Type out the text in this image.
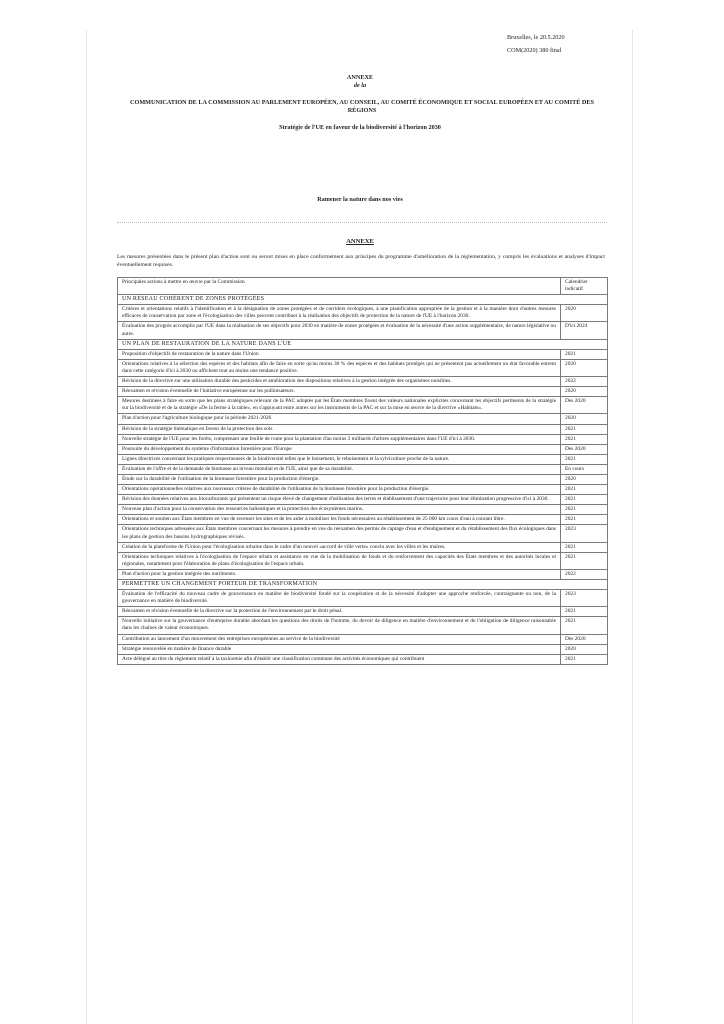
Bruxelles, le 20.5.2020
COM(2020) 380 final
ANNEXE
de la
COMMUNICATION DE LA COMMISSION AU PARLEMENT EUROPÉEN, AU CONSEIL, AU COMITÉ ÉCONOMIQUE ET SOCIAL EUROPÉEN ET AU COMITÉ DES RÉGIONS
Stratégie de l'UE en faveur de la biodiversité à l'horizon 2030
Ramener la nature dans nos vies
ANNEXE
Les mesures présentées dans le présent plan d'action sont ou seront mises en place conformément aux principes du programme d'amélioration de la réglementation, y compris les évaluations et analyses d'impact éventuellement requises.
Principales actions à mettre en œuvre par la Commission	Calendrier indicatif
UN RÉSEAU COHÉRENT DE ZONES PROTÉGÉES	
Critères et orientations relatifs à l'identification et à la désignation de zones protégées et de corridors écologiques, à une planification appropriée de la gestion et à la manière dont d'autres mesures efficaces de conservation par zone et l'écologisation des villes peuvent contribuer à la réalisation des objectifs de protection de la nature de l'UE à l'horizon 2030.	2020
Évaluation des progrès accomplis par l'UE dans la réalisation de ses objectifs pour 2030 en matière de zones protégées et évaluation de la nécessité d'une action supplémentaire, de nature législative ou autre.	D'ici 2024
UN PLAN DE RESTAURATION DE LA NATURE DANS L'UE	
Proposition d'objectifs de restauration de la nature dans l'Union	2021
Orientations relatives à la sélection des espèces et des habitats afin de faire en sorte qu'au moins 30 % des espèces et des habitats protégés qui ne présentent pas actuellement un état favorable entrent dans cette catégorie d'ici à 2030 ou affichent tout au moins une tendance positive.	2020
Révision de la directive sur une utilisation durable des pesticides et amélioration des dispositions relatives à la gestion intégrée des organismes nuisibles.	2022
Réexamen et révision éventuelle de l'initiative européenne sur les pollinisateurs.	2020
Mesures destinées à faire en sorte que les plans stratégiques relevant de la PAC adoptés par les États membres fixent des valeurs nationales explicites concernant les objectifs pertinents de la stratégie sur la biodiversité et de la stratégie «De la ferme à la table», en s'appuyant entre autres sur les instruments de la PAC et sur la mise en œuvre de la directive «Habitats».	Dès 2020
Plan d'action pour l'agriculture biologique pour la période 2021-2026	2020
Révision de la stratégie thématique en faveur de la protection des sols	2021
Nouvelle stratégie de l'UE pour les forêts, comprenant une feuille de route pour la plantation d'au moins 3 milliards d'arbres supplémentaires dans l'UE d'ici à 2030.	2021
Poursuite du développement du système d'information forestière pour l'Europe	Dès 2020
Lignes directrices concernant les pratiques respectueuses de la biodiversité telles que le boisement, le reboisement et la sylviculture proche de la nature.	2021
Évaluation de l'offre et de la demande de biomasse au niveau mondial et de l'UE, ainsi que de sa durabilité.	En cours
Étude sur la durabilité de l'utilisation de la biomasse forestière pour la production d'énergie.	2020
Orientations opérationnelles relatives aux nouveaux critères de durabilité de l'utilisation de la biomasse forestière pour la production d'énergie.	2021
Révision des données relatives aux biocarburants qui présentent un risque élevé de changement d'utilisation des terres et établissement d'une trajectoire pour leur élimination progressive d'ici à 2030.	2021
Nouveau plan d'action pour la conservation des ressources halieutiques et la protection des écosystèmes marins.	2021
Orientations et soutien aux États membres en vue de recenser les sites et de les aider à mobiliser les fonds nécessaires au rétablissement de 25 000 km cours d'eau à courant libre.	2021
Orientations techniques adressées aux États membres concernant les mesures à prendre en vue du réexamen des permis de captage d'eau et d'endiguement et du rétablissement des flux écologiques dans les plans de gestion des bassins hydrographiques révisés.	2023
Création de la plateforme de l'Union pour l'écologisation urbaine dans le cadre d'un nouvel «accord de ville verte» conclu avec les villes et les maires.	2021
Orientations techniques relatives à l'écologisation de l'espace urbain et assistance en vue de la mobilisation de fonds et du renforcement des capacités des États membres et des autorités locales et régionales, notamment pour l'élaboration de plans d'écologisation de l'espace urbain.	2021
Plan d'action pour la gestion intégrée des nutriments.	2022
PERMETTRE UN CHANGEMENT PORTEUR DE TRANSFORMATION	
Évaluation de l'efficacité du nouveau cadre de gouvernance en matière de biodiversité fondé sur la coopération et de la nécessité d'adopter une approche renforcée, contraignante ou non, de la gouvernance en matière de biodiversité.	2023
Réexamen et révision éventuelle de la directive sur la protection de l'environnement par le droit pénal.	2021
Nouvelle initiative sur la gouvernance d'entreprise durable abordant les questions des droits de l'homme, du devoir de diligence en matière d'environnement et de l'obligation de diligence raisonnable dans les chaînes de valeur économiques.	2021
Contribution au lancement d'un mouvement des entreprises européennes au service de la biodiversité	Dès 2020
Stratégie renouvelée en matière de finance durable	2020
Acte délégué au titre du règlement relatif à la taxinomie afin d'établir une classification commune des activités économiques qui contribuent	2021
